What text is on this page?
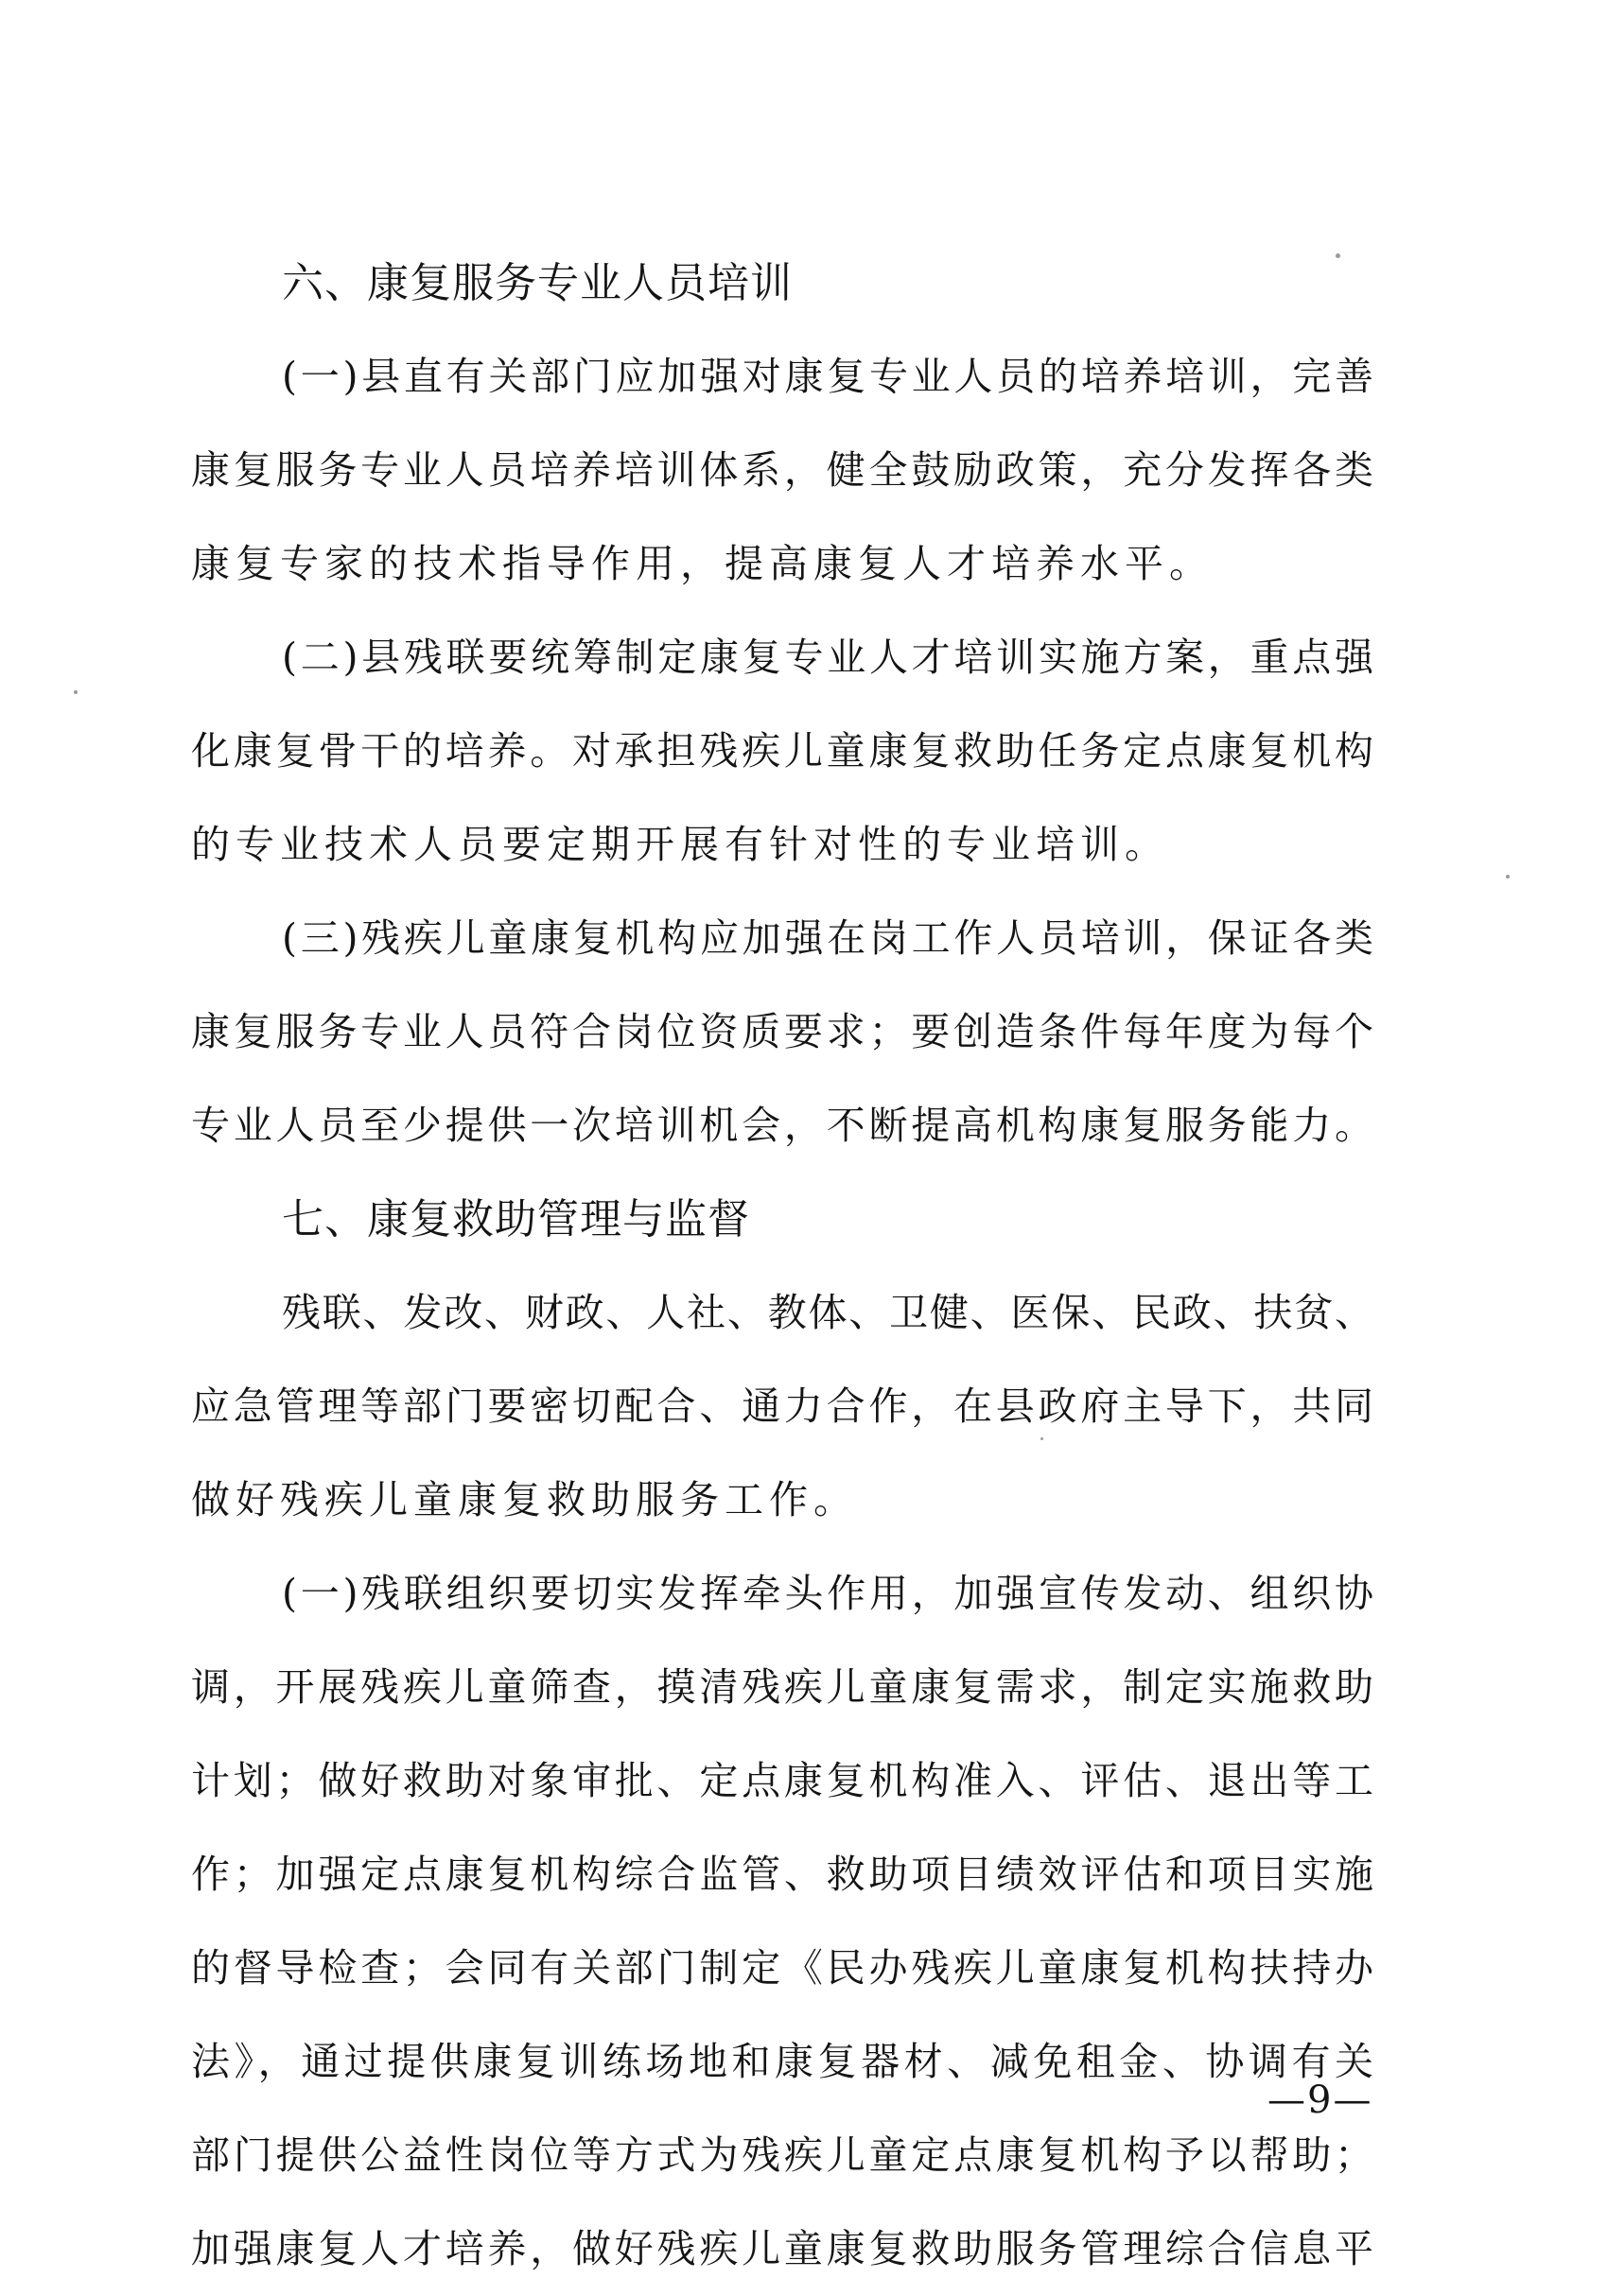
六、康复服务专业人员培训
(一)县直有关部门应加强对康复专业人员的培养培训，完善
康复服务专业人员培养培训体系，健全鼓励政策，充分发挥各类
康复专家的技术指导作用，提高康复人才培养水平。
(二)县残联要统筹制定康复专业人才培训实施方案，重点强
化康复骨干的培养。对承担残疾儿童康复救助任务定点康复机构
的专业技术人员要定期开展有针对性的专业培训。
(三)残疾儿童康复机构应加强在岗工作人员培训，保证各类
康复服务专业人员符合岗位资质要求；要创造条件每年度为每个
专业人员至少提供一次培训机会，不断提高机构康复服务能力。
七、康复救助管理与监督
残联、发改、财政、人社、教体、卫健、医保、民政、扶贫、
应急管理等部门要密切配合、通力合作，在县政府主导下，共同
做好残疾儿童康复救助服务工作。
(一)残联组织要切实发挥牵头作用，加强宣传发动、组织协
调，开展残疾儿童筛查，摸清残疾儿童康复需求，制定实施救助
计划；做好救助对象审批、定点康复机构准入、评估、退出等工
作；加强定点康复机构综合监管、救助项目绩效评估和项目实施
的督导检查；会同有关部门制定《民办残疾儿童康复机构扶持办
法》，通过提供康复训练场地和康复器材、减免租金、协调有关
部门提供公益性岗位等方式为残疾儿童定点康复机构予以帮助；
加强康复人才培养，做好残疾儿童康复救助服务管理综合信息平
—9—
